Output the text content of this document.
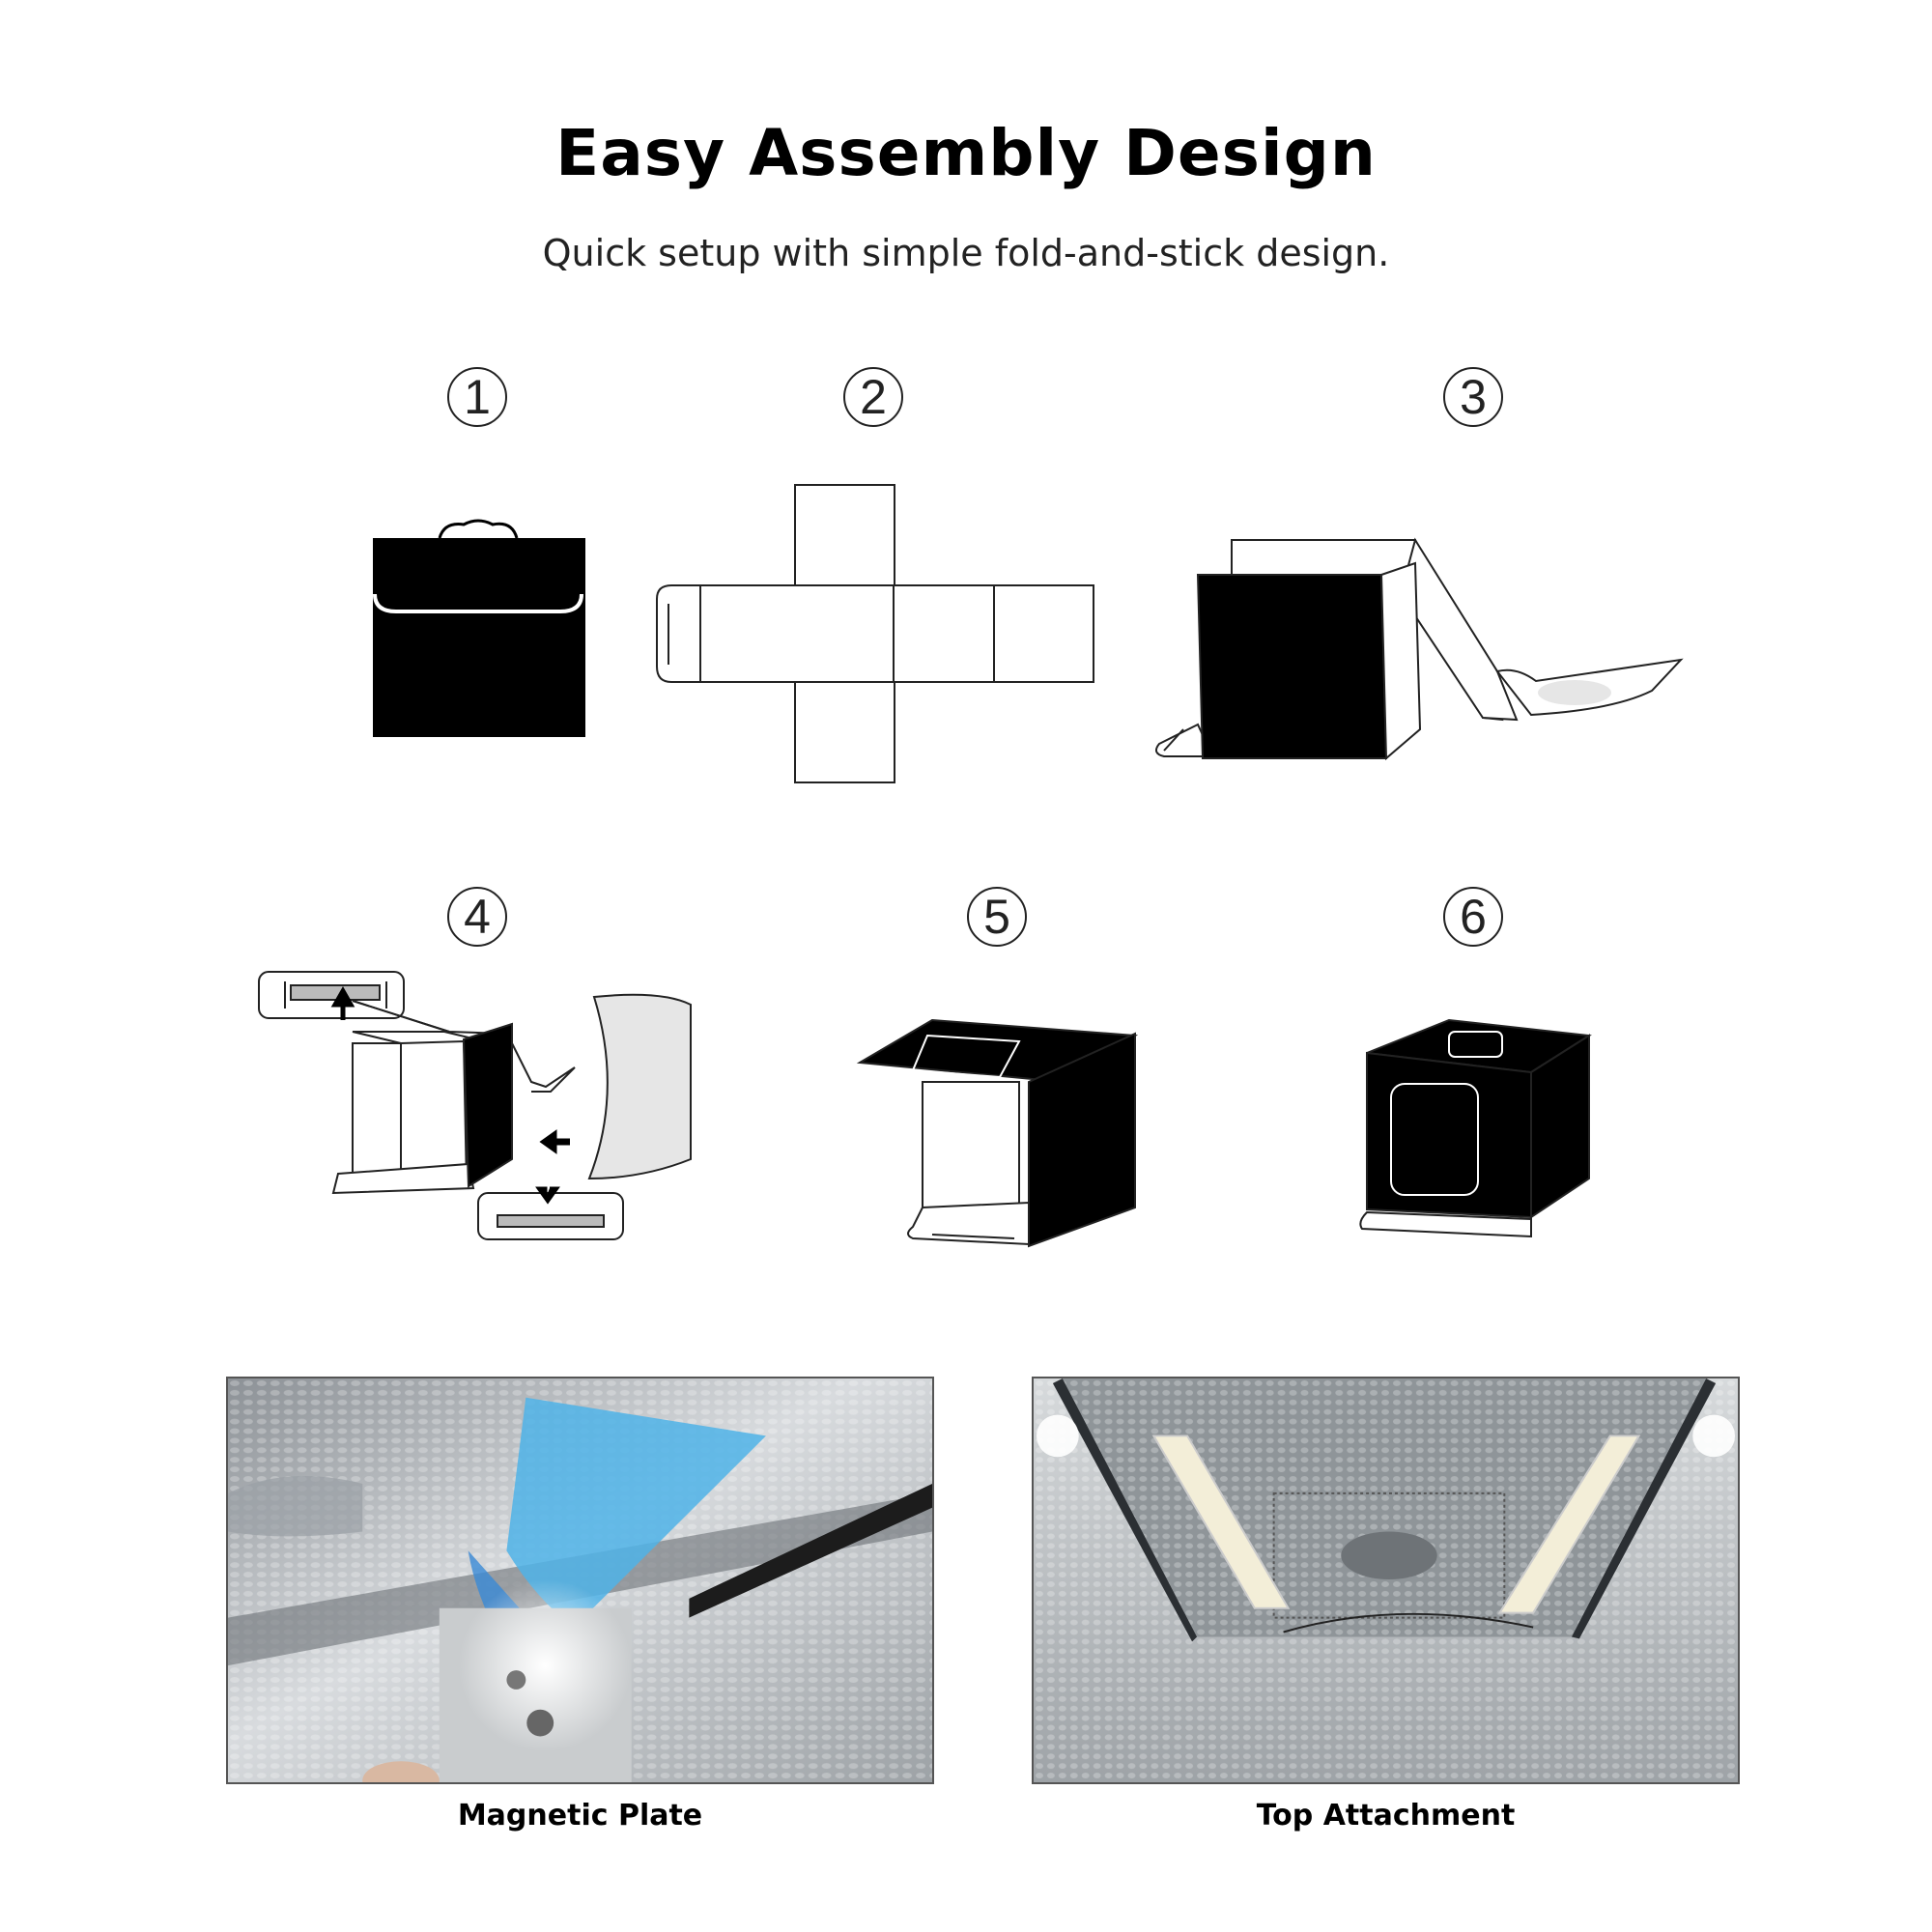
Easy Assembly Design
Quick setup with simple fold-and-stick design.
1	2	3
4	5	6
Magnetic Plate	Top Attachment
